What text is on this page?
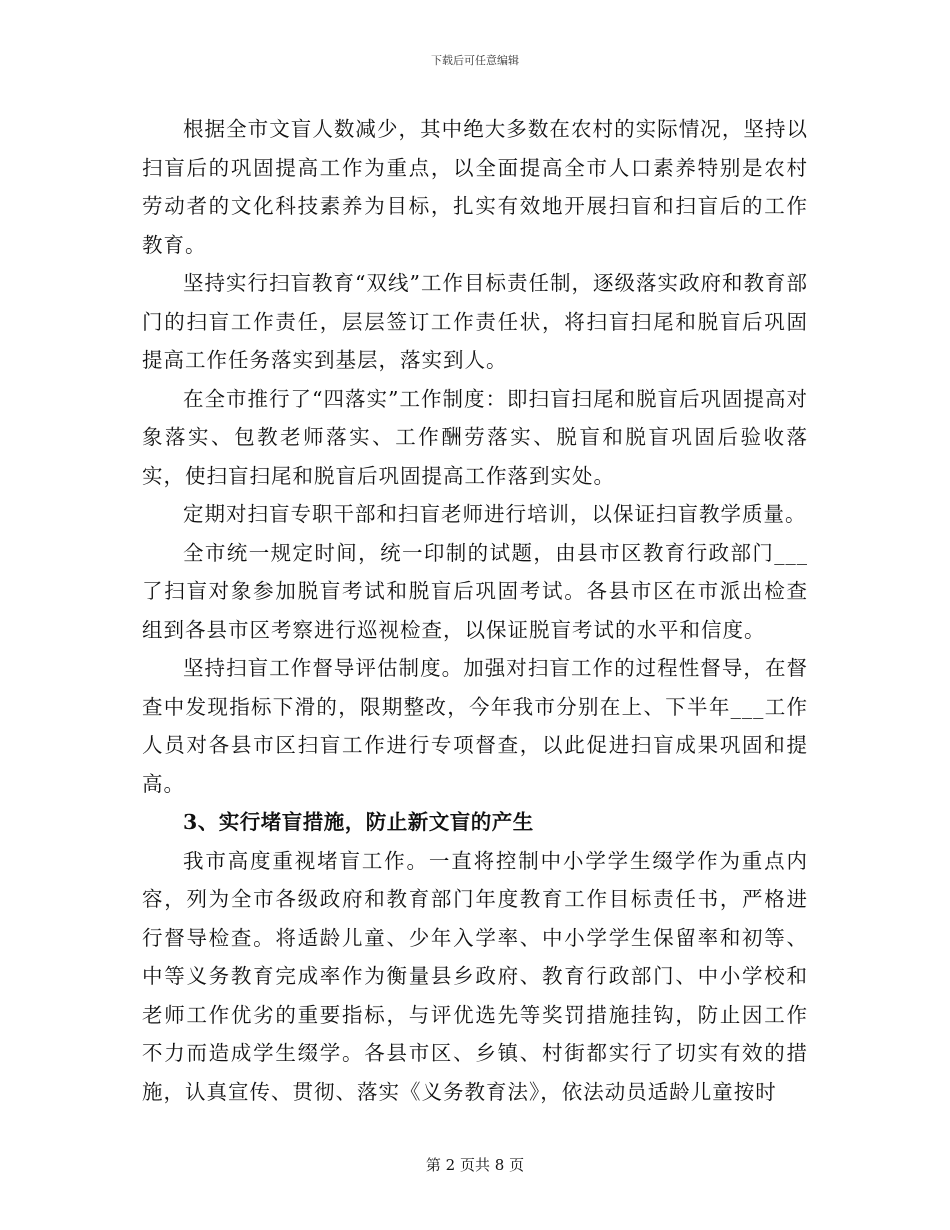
下载后可任意编辑

根据全市文盲人数减少，其中绝大多数在农村的实际情况，坚持以扫盲后的巩固提高工作为重点，以全面提高全市人口素养特别是农村劳动者的文化科技素养为目标，扎实有效地开展扫盲和扫盲后的工作教育。

坚持实行扫盲教育“双线”工作目标责任制，逐级落实政府和教育部门的扫盲工作责任，层层签订工作责任状，将扫盲扫尾和脱盲后巩固提高工作任务落实到基层，落实到人。

在全市推行了“四落实”工作制度：即扫盲扫尾和脱盲后巩固提高对象落实、包教老师落实、工作酬劳落实、脱盲和脱盲巩固后验收落实，使扫盲扫尾和脱盲后巩固提高工作落到实处。

定期对扫盲专职干部和扫盲老师进行培训，以保证扫盲教学质量。

全市统一规定时间，统一印制的试题，由县市区教育行政部门___了扫盲对象参加脱盲考试和脱盲后巩固考试。各县市区在市派出检查组到各县市区考察进行巡视检查，以保证脱盲考试的水平和信度。

坚持扫盲工作督导评估制度。加强对扫盲工作的过程性督导，在督查中发现指标下滑的，限期整改，今年我市分别在上、下半年___工作人员对各县市区扫盲工作进行专项督查，以此促进扫盲成果巩固和提高。

3、实行堵盲措施，防止新文盲的产生

我市高度重视堵盲工作。一直将控制中小学学生缀学作为重点内容，列为全市各级政府和教育部门年度教育工作目标责任书，严格进行督导检查。将适龄儿童、少年入学率、中小学学生保留率和初等、中等义务教育完成率作为衡量县乡政府、教育行政部门、中小学校和老师工作优劣的重要指标，与评优选先等奖罚措施挂钩，防止因工作不力而造成学生缀学。各县市区、乡镇、村街都实行了切实有效的措施，认真宣传、贯彻、落实《义务教育法》，依法动员适龄儿童按时

第 2 页共 8 页
